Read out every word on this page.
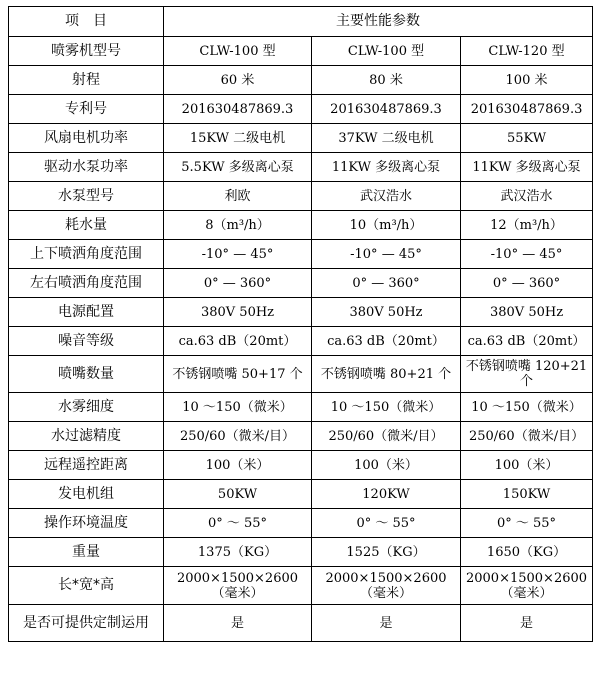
项　目	主要性能参数		
喷雾机型号	CLW-100 型	CLW-100 型	CLW-120 型
射程	60 米	80 米	100 米
专利号	201630487869.3	201630487869.3	201630487869.3
风扇电机功率	15KW 二级电机	37KW 二级电机	55KW
驱动水泵功率	5.5KW 多级离心泵	11KW 多级离心泵	11KW 多级离心泵
水泵型号	利欧	武汉浩水	武汉浩水
耗水量	8（m³/h）	10（m³/h）	12（m³/h）
上下喷洒角度范围	-10° — 45°	-10° — 45°	-10° — 45°
左右喷洒角度范围	0° — 360°	0° — 360°	0° — 360°
电源配置	380V 50Hz	380V 50Hz	380V 50Hz
噪音等级	ca.63 dB（20mt）	ca.63 dB（20mt）	ca.63 dB（20mt）
喷嘴数量	不锈钢喷嘴 50+17 个	不锈钢喷嘴 80+21 个	不锈钢喷嘴 120+21 个
水雾细度	10 ～150（微米）	10 ～150（微米）	10 ～150（微米）
水过滤精度	250/60（微米/目）	250/60（微米/目）	250/60（微米/目）
远程遥控距离	100（米）	100（米）	100（米）
发电机组	50KW	120KW	150KW
操作环境温度	0° ～ 55°	0° ～ 55°	0° ～ 55°
重量	1375（KG）	1525（KG）	1650（KG）
长*宽*高	2000×1500×2600（毫米）	2000×1500×2600（毫米）	2000×1500×2600（毫米）
是否可提供定制运用	是	是	是
